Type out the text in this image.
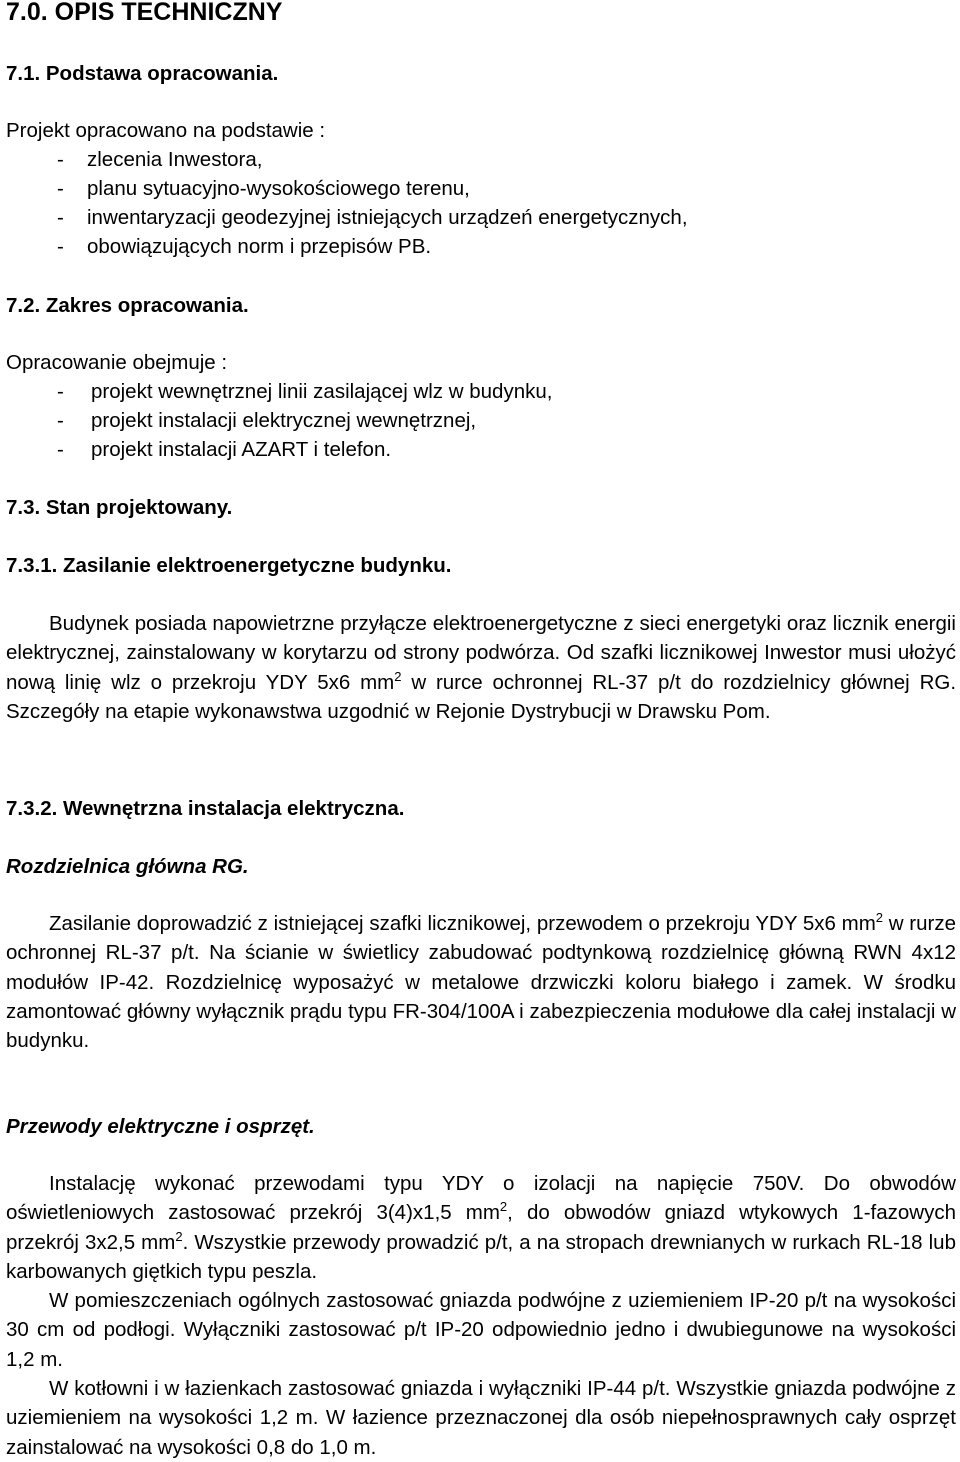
7.0. OPIS TECHNICZNY
7.1. Podstawa opracowania.
Projekt opracowano na podstawie :
- zlecenia Inwestora,
- planu sytuacyjno-wysokościowego terenu,
- inwentaryzacji geodezyjnej istniejących urządzeń energetycznych,
- obowiązujących norm i przepisów PB.
7.2. Zakres opracowania.
Opracowanie obejmuje :
- projekt wewnętrznej linii zasilającej wlz w budynku,
- projekt instalacji elektrycznej wewnętrznej,
- projekt instalacji AZART i telefon.
7.3. Stan projektowany.
7.3.1. Zasilanie elektroenergetyczne budynku.

Budynek posiada napowietrzne przyłącze elektroenergetyczne z sieci energetyki oraz licznik energii elektrycznej, zainstalowany w korytarzu od strony podwórza. Od szafki licznikowej Inwestor musi ułożyć nową linię wlz o przekroju YDY 5x6 $mm^2$ w rurce ochronnej RL-37 p/t do rozdzielnicy głównej RG. Szczegóły na etapie wykonawstwa uzgodnić w Rejonie Dystrybucji w Drawsku Pom.

7.3.2. Wewnętrzna instalacja elektryczna.
Rozdzielnica główna RG.

Zasilanie doprowadzić z istniejącej szafki licznikowej, przewodem o przekroju YDY 5x6 $mm^2$ w rurze ochronnej RL-37 p/t. Na ścianie w świetlicy zabudować podtynkową rozdzielnicę główną RWN 4x12 modułów IP-42. Rozdzielnicę wyposażyć w metalowe drzwiczki koloru białego i zamek. W środku zamontować główny wyłącznik prądu typu FR-304/100A i zabezpieczenia modułowe dla całej instalacji w budynku.

Przewody elektryczne i osprzęt.

Instalację wykonać przewodami typu YDY o izolacji na napięcie 750V. Do obwodów oświetleniowych zastosować przekrój 3(4)x1,5 $mm^2$, do obwodów gniazd wtykowych 1-fazowych przekrój 3x2,5 $mm^2$. Wszystkie przewody prowadzić p/t, a na stropach drewnianych w rurkach RL-18 lub karbowanych giętkich typu peszla.

W pomieszczeniach ogólnych zastosować gniazda podwójne z uziemieniem IP-20 p/t na wysokości 30 cm od podłogi. Wyłączniki zastosować p/t IP-20 odpowiednio jedno i dwubiegunowe na wysokości 1,2 m.

W kotłowni i w łazienkach zastosować gniazda i wyłączniki IP-44 p/t. Wszystkie gniazda podwójne z uziemieniem na wysokości 1,2 m. W łazience przeznaczonej dla osób niepełnosprawnych cały osprzęt zainstalować na wysokości 0,8 do 1,0 m.
